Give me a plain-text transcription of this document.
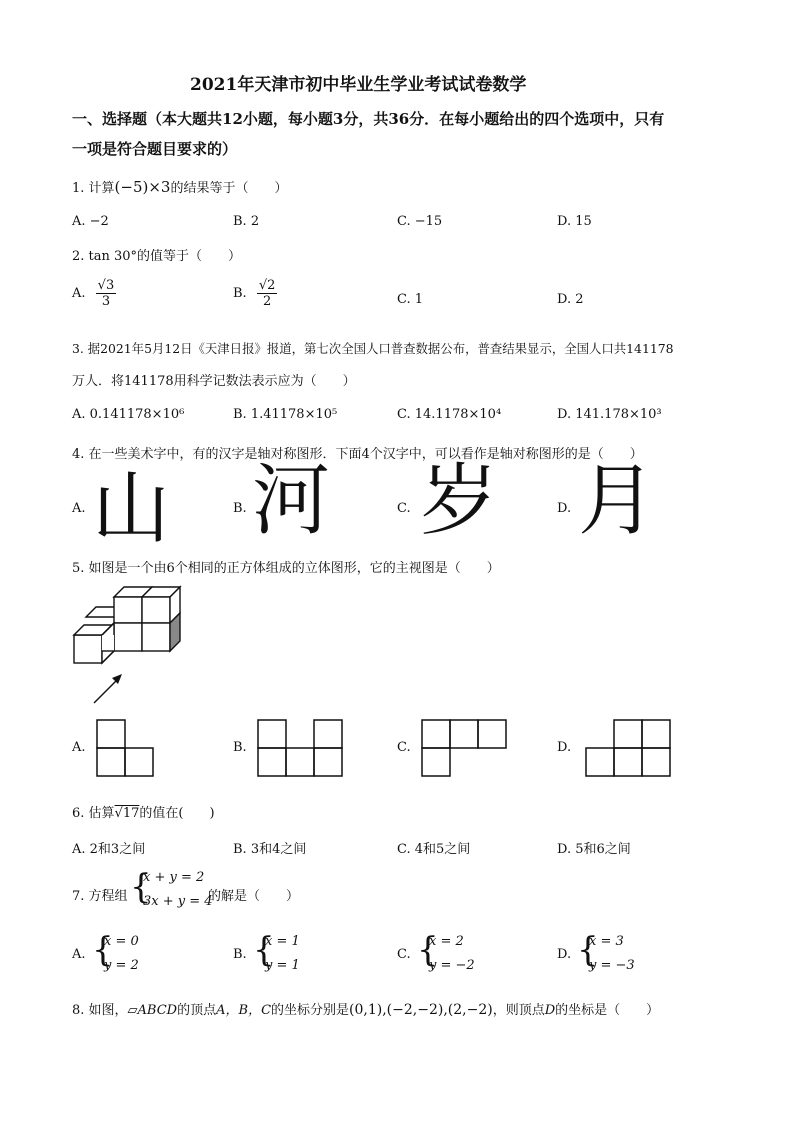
2021年天津市初中毕业生学业考试试卷数学
一、选择题（本大题共12小题，每小题3分，共36分．在每小题给出的四个选项中，只有
一项是符合题目要求的）
1. 计算(−5)×3的结果等于（　　）
A. −2	B. 2	C. −15	D. 15
2. tan 30°的值等于（　　）
A. $\frac{√3}{3}$	B. $\frac{√2}{2}$	C. 1	D. 2
3. 据2021年5月12日《天津日报》报道，第七次全国人口普查数据公布，普查结果显示，全国人口共141178
万人．将141178用科学记数法表示应为（　　）
A. 0.141178×10⁶	B. 1.41178×10⁵	C. 14.1178×10⁴	D. 141.178×10³
4. 在一些美术字中，有的汉字是轴对称图形．下面4个汉字中，可以看作是轴对称图形的是（　　）
A. 山	B. 河	C. 岁	D. 月
5. 如图是一个由6个相同的正方体组成的立体图形，它的主视图是（　　）
A.	B.	C.	D.
6. 估算√17的值在(　　)
A. 2和3之间	B. 3和4之间	C. 4和5之间	D. 5和6之间
7. 方程组 {
x + y = 2
3x + y = 4
的解是（　　）
A. {
x = 0
y = 2
B. {
x = 1
y = 1
C. {
x = 2
y = −2
D. {
x = 3
y = −3
8. 如图，▱ABCD的顶点A，B，C的坐标分别是(0,1),(−2,−2),(2,−2)，则顶点D的坐标是（　　）
